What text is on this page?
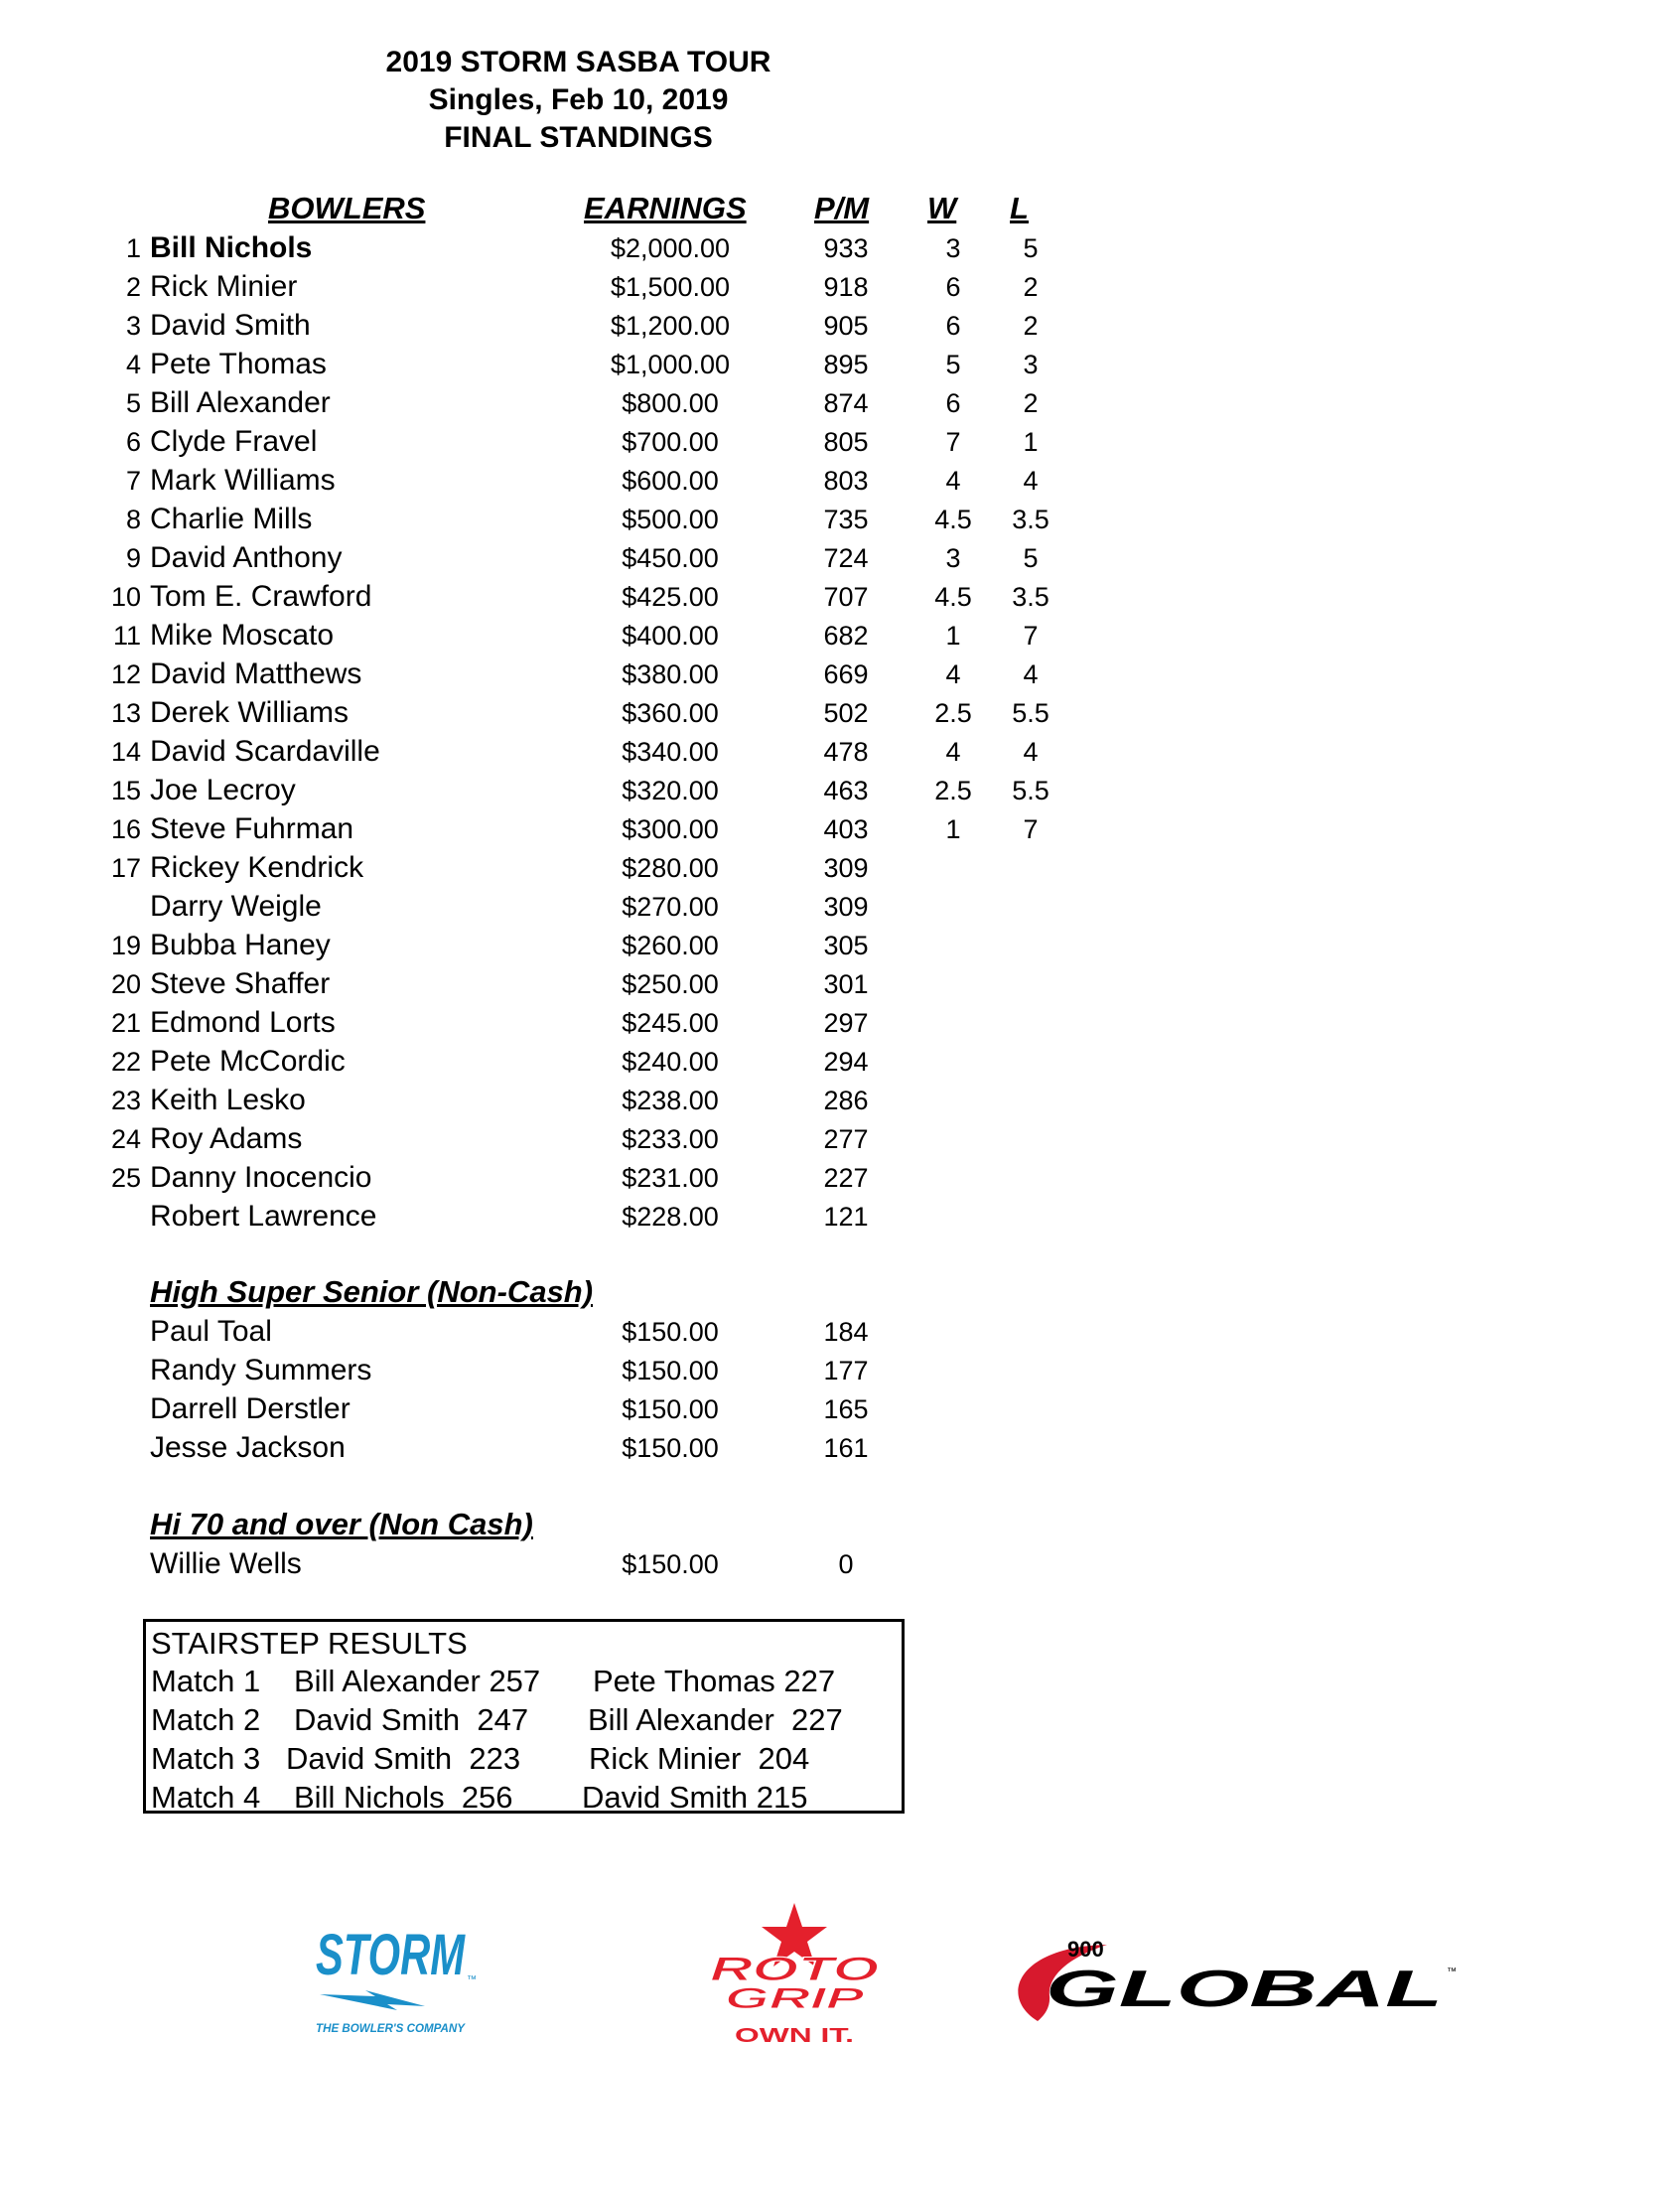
2019 STORM SASBA TOUR
Singles, Feb 10, 2019
FINAL STANDINGS
BOWLERS	EARNINGS P/M W L
1 Bill Nichols	$2,000.00	933	3	5
2 Rick Minier	$1,500.00	918	6	2
3 David Smith	$1,200.00	905	6	2
4 Pete Thomas	$1,000.00	895	5	3
5 Bill Alexander	$800.00	874	6	2
6 Clyde Fravel	$700.00	805	7	1
7 Mark Williams	$600.00	803	4	4
8 Charlie Mills	$500.00	735	4.5	3.5
9 David Anthony	$450.00	724	3	5
10 Tom E. Crawford	$425.00	707	4.5	3.5
11 Mike Moscato	$400.00	682	1	7
12 David Matthews	$380.00	669	4	4
13 Derek Williams	$360.00	502	2.5	5.5
14 David Scardaville	$340.00	478	4	4
15 Joe Lecroy	$320.00	463	2.5	5.5
16 Steve Fuhrman	$300.00	403	1	7
17 Rickey Kendrick	$280.00	309
Darry Weigle	$270.00	309
19 Bubba Haney	$260.00	305
20 Steve Shaffer	$250.00	301
21 Edmond Lorts	$245.00	297
22 Pete McCordic	$240.00	294
23 Keith Lesko	$238.00	286
24 Roy Adams	$233.00	277
25 Danny Inocencio	$231.00	227
Robert Lawrence	$228.00	121
High Super Senior (Non-Cash)
Paul Toal	$150.00	184
Randy Summers	$150.00	177
Darrell Derstler	$150.00	165
Jesse Jackson	$150.00	161
Hi 70 and over (Non Cash)
Willie Wells	$150.00	0
STAIRSTEP RESULTS
Match 1 Bill Alexander 257 Pete Thomas 227
Match 2 David Smith  247 Bill Alexander  227
Match 3 David Smith  223 Rick Minier  204
Match 4 Bill Nichols  256 David Smith 215
STORM ™
THE BOWLER'S COMPANY
ROTO
GRIP
OWN IT.
900
GLOBAL ™
